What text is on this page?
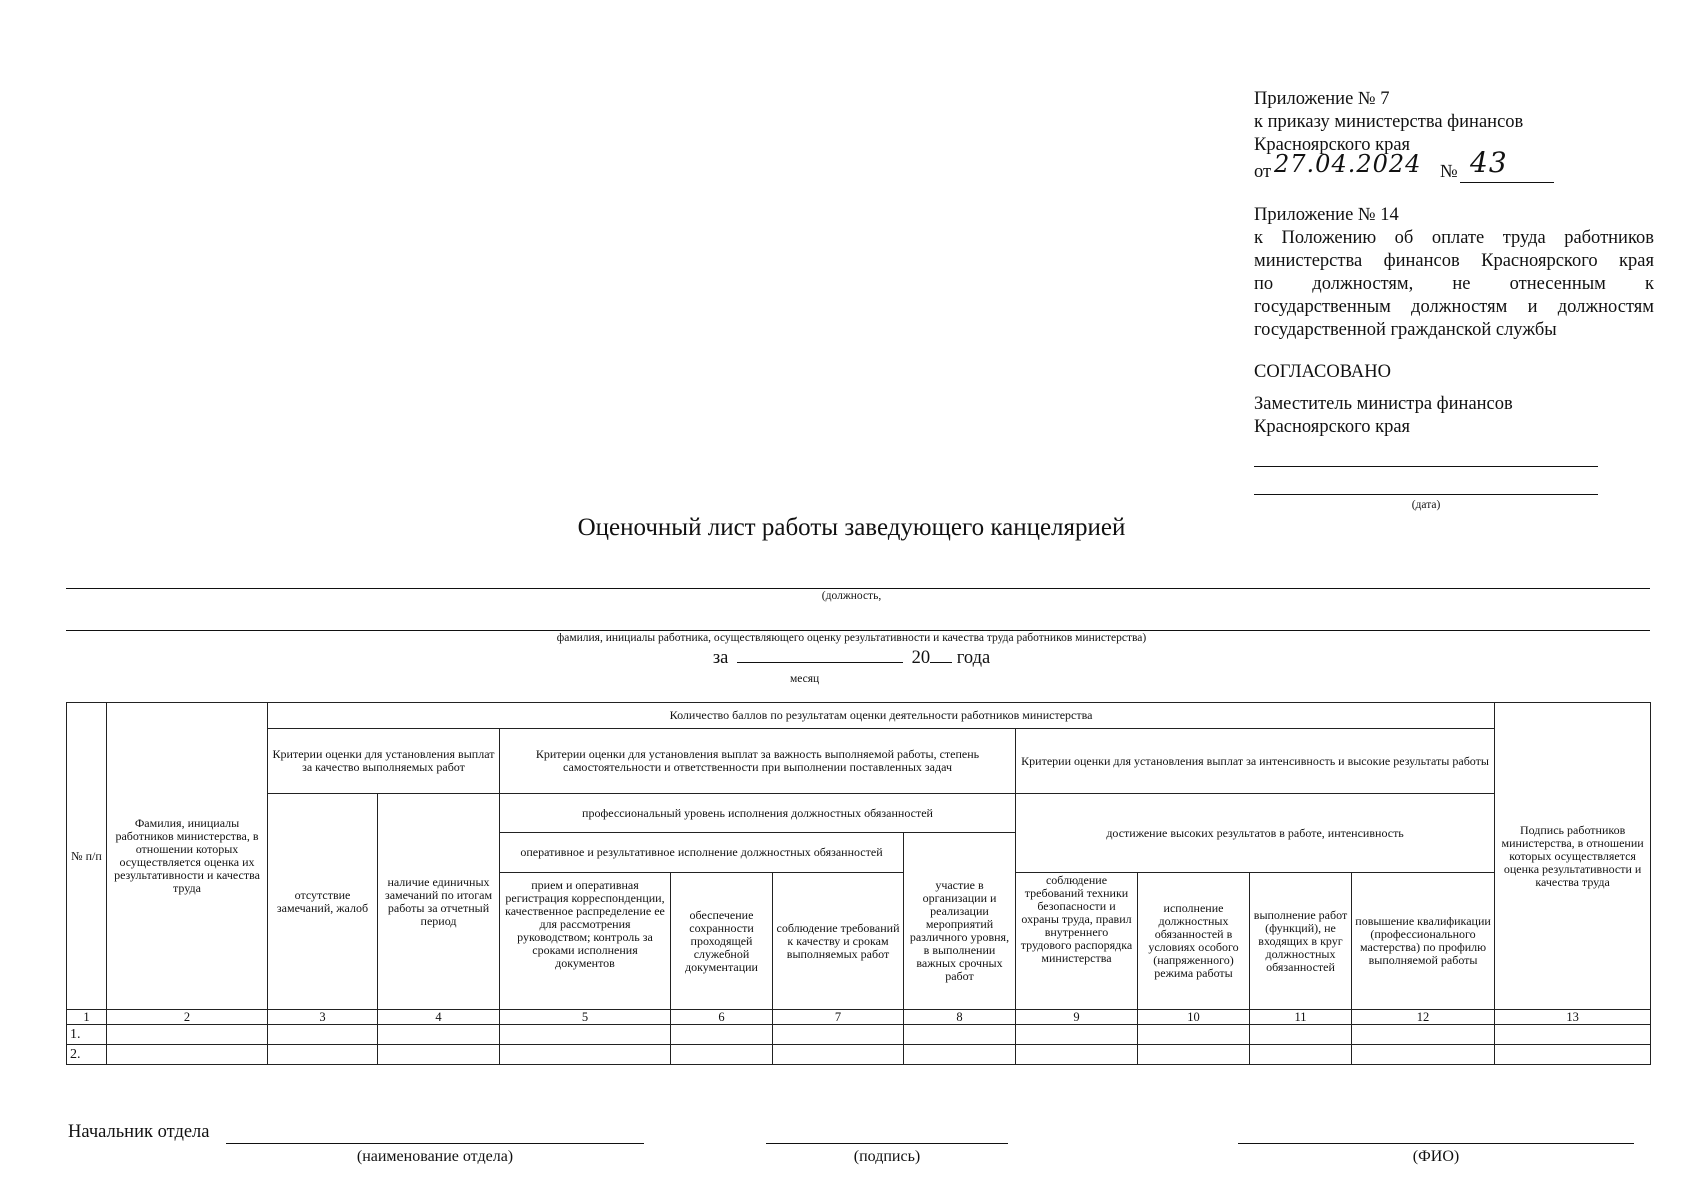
Приложение № 7
к приказу министерства финансов
Красноярского края
от 27.04.2024 № 43
Приложение № 14
к Положению об оплате труда работников
министерства финансов Красноярского края
по должностям, не отнесенным к
государственным должностям и должностям
государственной гражданской службы
СОГЛАСОВАНО
Заместитель министра финансов
Красноярского края
(дата)
Оценочный лист работы заведующего канцелярией
(должность,
фамилия, инициалы работника, осуществляющего оценку результативности и качества труда работников министерства)
за	20 года
месяц
№ п/п	Фамилия, инициалы работников министерства, в отношении которых осуществляется оценка их результативности и качества труда	Количество баллов по результатам оценки деятельности работников министерства										Подпись работников министерства, в отношении которых осуществляется оценка результативности и качества труда
		Критерии оценки для установления выплат за качество выполняемых работ		Критерии оценки для установления выплат за важность выполняемой работы, степень самостоятельности и ответственности при выполнении поставленных задач				Критерии оценки для установления выплат за интенсивность и высокие результаты работы				
		отсутствие замечаний, жалоб	наличие единичных замечаний по итогам работы за отчетный период	профессиональный уровень исполнения должностных обязанностей				достижение высоких результатов в работе, интенсивность				
				оперативное и результативное исполнение должностных обязанностей			участие в организации и реализации мероприятий различного уровня, в выполнении важных срочных работ					
				прием и оперативная регистрация корреспонденции, качественное распределение ее для рассмотрения руководством; контроль за сроками исполнения документов	обеспечение сохранности проходящей служебной документации	соблюдение требований к качеству и срокам выполняемых работ		соблюдение требований техники безопасности и охраны труда, правил внутреннего трудового распорядка министерства	исполнение должностных обязанностей в условиях особого (напряженного) режима работы	выполнение работ (функций), не входящих в круг должностных обязанностей	повышение квалификации (профессионального мастерства) по профилю выполняемой работы	
1	2	3	4	5	6	7	8	9	10	11	12	13
1.												
2.												
Начальник отдела
(наименование отдела)	(подпись)	(ФИО)
